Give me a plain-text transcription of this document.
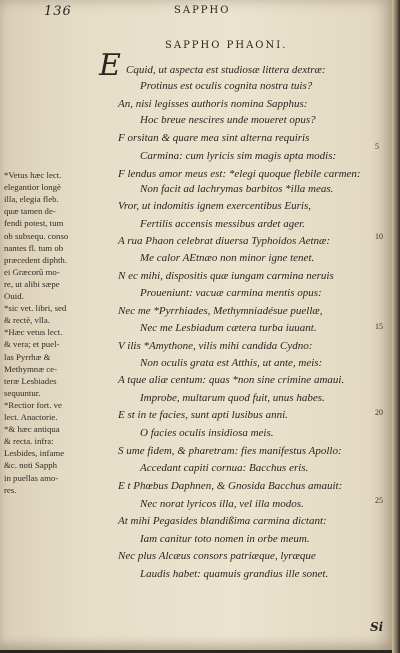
136	SAPPHO
SAPPHO PHAONI.
E Cquid, ut aspecta est studiosæ littera dextræ:
Protinus est oculis cognita nostra tuis?
An, nisi legisses authoris nomina Sapphus:
Hoc breue nescires unde moueret opus?
F orsitan & quare mea sint alterna requiris
Carmina: cum lyricis sim magis apta modis:
F lendus amor meus est: *elegi quoque flebile carmen:
Non facit ad lachrymas barbitos *illa meas.
Vror, ut indomitis ignem exercentibus Euris,
Fertilis accensis messibus ardet ager.
A rua Phaon celebrat diuersa Typhoidos Aetnæ:
Me calor AEtnæo non minor igne tenet.
N ec mihi, dispositis quæ iungam carmina neruis
Proueniunt: vacuæ carmina mentis opus:
Nec me *Pyrrhiades, Methymniadésue puellæ,
Nec me Lesbiadum cætera turba iuuant.
V ilis *Amythone, vilis mihi candida Cydno:
Non oculis grata est Atthis, ut ante, meis:
A tque aliæ centum: quas *non sine crimine amaui.
Improbe, multarum quod fuit, unus habes.
E st in te facies, sunt apti lusibus anni.
O facies oculis insidiosa meis.
S ume fidem, & pharetram: fies manifestus Apollo:
Accedant capiti cornua: Bacchus eris.
E t Phœbus Daphnen, & Gnosida Bacchus amauit:
Nec norat lyricos illa, vel illa modos.
At mihi Pegasides blandißima carmina dictant:
Iam canitur toto nomen in orbe meum.
Nec plus Alcæus consors patriæque, lyræque
Laudis habet: quamuis grandius ille sonet.
*Vetus hæc lect.
elegantior longè
illa, elegia fleb.
quæ tamen de-
fendi potest, tum
ob subsequ. conso
nantes fl. tum ob
præcedent diphth.
ei Græcorū mo-
re, ut alibi sæpe
Ouid.
*sic vet. libri, sed
& rectè, vlla.
*Hæc vetus lect.
& vera; et puel-
las Pyrrhæ &
Methymnæ ce-
teræ Lesbiades
sequuntur.
*Rectior fort. ve
lect. Anactorie.
*& hæc antiqua
& recta. infra:
Lesbides, infame
&c. noti Sapph
in puellas amo-
res.
5
10
15
20
25
Si
